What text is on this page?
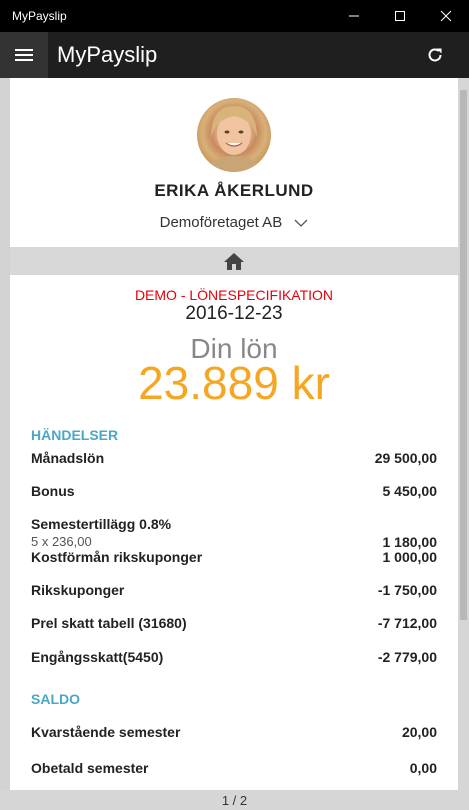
MyPayslip
MyPayslip
ERIKA ÅKERLUND
Demoföretaget AB
DEMO - LÖNESPECIFIKATION
2016-12-23
Din lön
23.889 kr
HÄNDELSER
Månadslön	29 500,00
Bonus	5 450,00
Semestertillägg 0.8%
5 x 236,00	1 180,00
Kostförmån rikskuponger	1 000,00
Rikskuponger	-1 750,00
Prel skatt tabell (31680)	-7 712,00
Engångsskatt(5450)	-2 779,00
SALDO
Kvarstående semester	20,00
Obetald semester	0,00
1 / 2
